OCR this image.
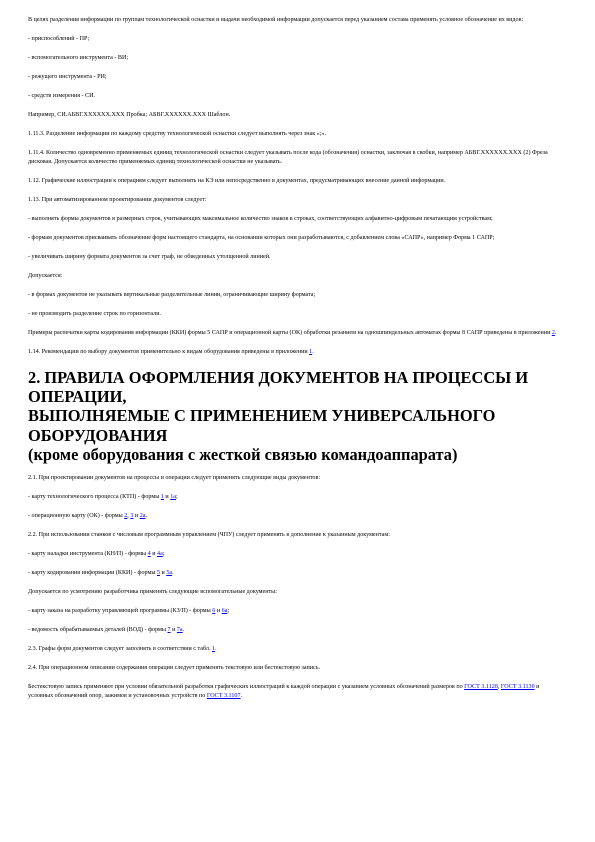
В целях разделения информации по группам технологической оснастки и выдачи необходимой информации допускается перед указанием состава применять условное обозначение их видов:

- приспособлений - ПР;

- вспомогательного инструмента - ВИ;

- режущего инструмента - РИ;

- средств измерения - СИ.

Например, СИ.АБВГ.ХХХХХХ.ХХХ Пробка; АБВГ.ХХХХХХ.ХХХ Шаблон.

1.11.3. Разделение информации по каждому средству технологической оснастки следует выполнять через знак «;».

1.11.4. Количество одновременно применяемых единиц технологической оснастки следует указывать после кода (обозначения) оснастки, заключая в скобки, например АБВГ.ХХХХХХ.ХХХ (2) Фреза дисковая. Допускается количество применяемых единиц технологической оснастки не указывать.

1.12. Графические иллюстрации к операциям следует выполнять на КЭ или непосредственно в документах, предусматривающих внесение данной информации.

1.13. При автоматизированном проектировании документов следует:

- выполнять формы документов в размерных строк, учитывающих максимальное количество знаков в строках, соответствующих алфавитно-цифровым печатающим устройствам;

- формам документов присваивать обозначение форм настоящего стандарта, на основании которых они разработываются, с добавлением слова «САПР», например Форма 1 САПР;

- увеличивать ширину формата документов за счет граф, не обведенных утолщенной линией.

Допускается:

- в формах документов не указывать вертикальные разделительные линии, ограничивающие ширину формата;

- не производить разделение строк по горизонтали.

Примеры распечатки карты кодирования информации (ККИ) формы 5 САПР и операционной карты (ОК) обработки резанием на одношпиндельных автоматах формы 8 САПР приведены в приложении 2.

1.14. Рекомендации по выбору документов применительно к видам оборудования приведены в приложении 1.

2. ПРАВИЛА ОФОРМЛЕНИЯ ДОКУМЕНТОВ НА ПРОЦЕССЫ И ОПЕРАЦИИ,
ВЫПОЛНЯЕМЫЕ С ПРИМЕНЕНИЕМ УНИВЕРСАЛЬНОГО ОБОРУДОВАНИЯ
(кроме оборудования с жесткой связью командоаппарата)

2.1. При проектировании документов на процессы и операции следует применять следующие виды документов:

- карту технологического процесса (КТП) - формы 1 и 1а;

- операционную карту (ОК) - формы 2, 3 и 2а.

2.2. При использовании станков с числовым программным управлением (ЧПУ) следует применять в дополнение к указанным документам:

- карту наладки инструмента (КН/П) - формы 4 и 4а;

- карту кодирования информации (ККИ) - формы 5 и 5а.

Допускается по усмотрению разработчика применять следующие вспомогательные документы:

- карту заказа на разработку управляющей программы (КЗ/П) - формы 6 и 6а;

- ведомость обрабатываемых деталей (ВОД) - формы 7 и 7а.

2.3. Графы форм документов следует заполнять в соответствии с табл. 1.

2.4. При операционном описании содержания операции следует применять текстовую или бестекстовую запись.

Бестекстовую запись применяют при условии обязательной разработки графических иллюстраций к каждой операции с указанием условных обозначений размеров по ГОСТ 3.1128, ГОСТ 3.1130 и условных обозначений опор, зажимов и установочных устройств по ГОСТ 3.1107.
